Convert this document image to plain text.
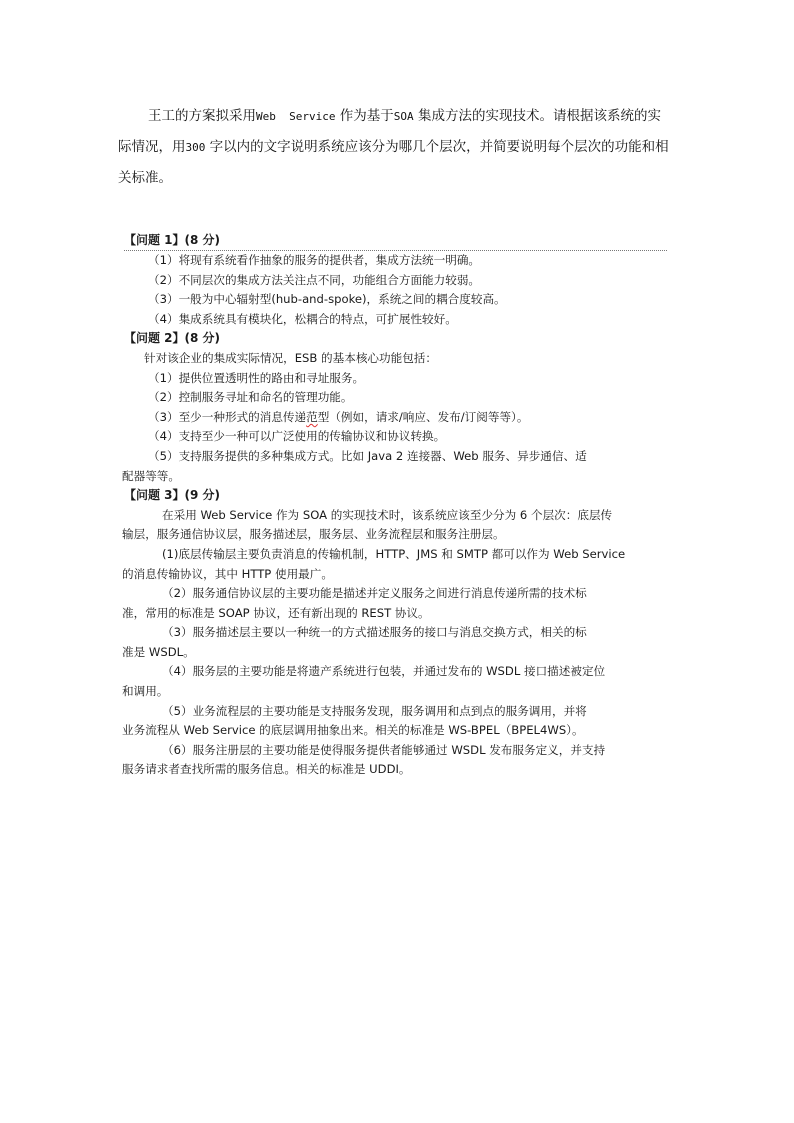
王工的方案拟采用Web  Service 作为基于SOA 集成方法的实现技术。请根据该系统的实际情况，用300 字以内的文字说明系统应该分为哪几个层次，并简要说明每个层次的功能和相关标准。

【问题 1】(8 分)
（1）将现有系统看作抽象的服务的提供者，集成方法统一明确。
（2）不同层次的集成方法关注点不同，功能组合方面能力较弱。
（3）一般为中心辐射型(hub-and-spoke)，系统之间的耦合度较高。
（4）集成系统具有模块化，松耦合的特点，可扩展性较好。
【问题 2】(8 分)
针对该企业的集成实际情况，ESB 的基本核心功能包括：
（1）提供位置透明性的路由和寻址服务。
（2）控制服务寻址和命名的管理功能。
（3）至少一种形式的消息传递范型（例如，请求/响应、发布/订阅等等）。
（4）支持至少一种可以广泛使用的传输协议和协议转换。
（5）支持服务提供的多种集成方式。比如 Java 2 连接器、Web 服务、异步通信、适
配器等等。
【问题 3】(9 分)
在采用 Web Service 作为 SOA 的实现技术时，该系统应该至少分为 6 个层次：底层传
输层，服务通信协议层，服务描述层，服务层、业务流程层和服务注册层。
(1)底层传输层主要负责消息的传输机制，HTTP、JMS 和 SMTP 都可以作为 Web Service
的消息传输协议，其中 HTTP 使用最广。
（2）服务通信协议层的主要功能是描述并定义服务之间进行消息传递所需的技术标
准，常用的标准是 SOAP 协议，还有新出现的 REST 协议。
（3）服务描述层主要以一种统一的方式描述服务的接口与消息交换方式，相关的标
准是 WSDL。
（4）服务层的主要功能是将遗产系统进行包装，并通过发布的 WSDL 接口描述被定位
和调用。
（5）业务流程层的主要功能是支持服务发现，服务调用和点到点的服务调用，并将
业务流程从 Web Service 的底层调用抽象出来。相关的标准是 WS-BPEL（BPEL4WS）。
（6）服务注册层的主要功能是使得服务提供者能够通过 WSDL 发布服务定义，并支持
服务请求者查找所需的服务信息。相关的标准是 UDDI。
